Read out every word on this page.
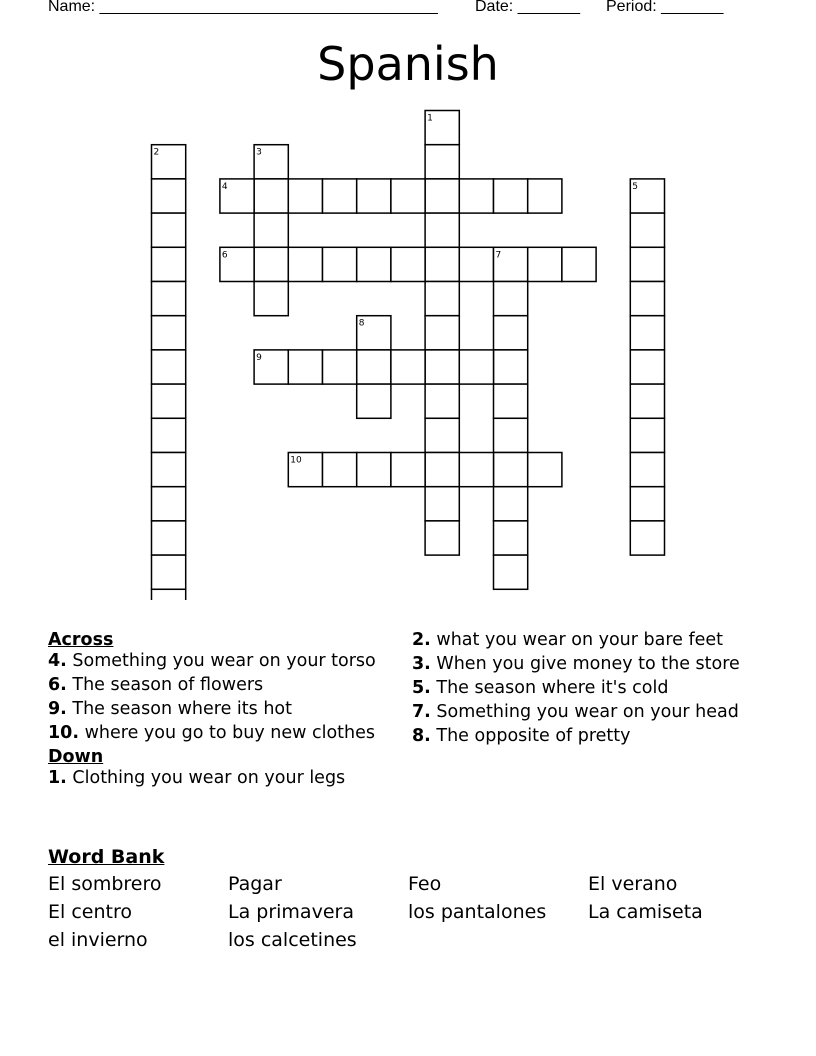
Name: ______________________________________ Date: _______ Period: _______
Spanish
1
2	3
4	5
6	7
8
9
10
Across
4. Something you wear on your torso
6. The season of flowers
9. The season where its hot
10. where you go to buy new clothes
Down
1. Clothing you wear on your legs
2. what you wear on your bare feet
3. When you give money to the store
5. The season where it's cold
7. Something you wear on your head
8. The opposite of pretty
Word Bank
El sombrero	Pagar	Feo	El verano
El centro	La primavera	los pantalones	La camiseta
el invierno	los calcetines
